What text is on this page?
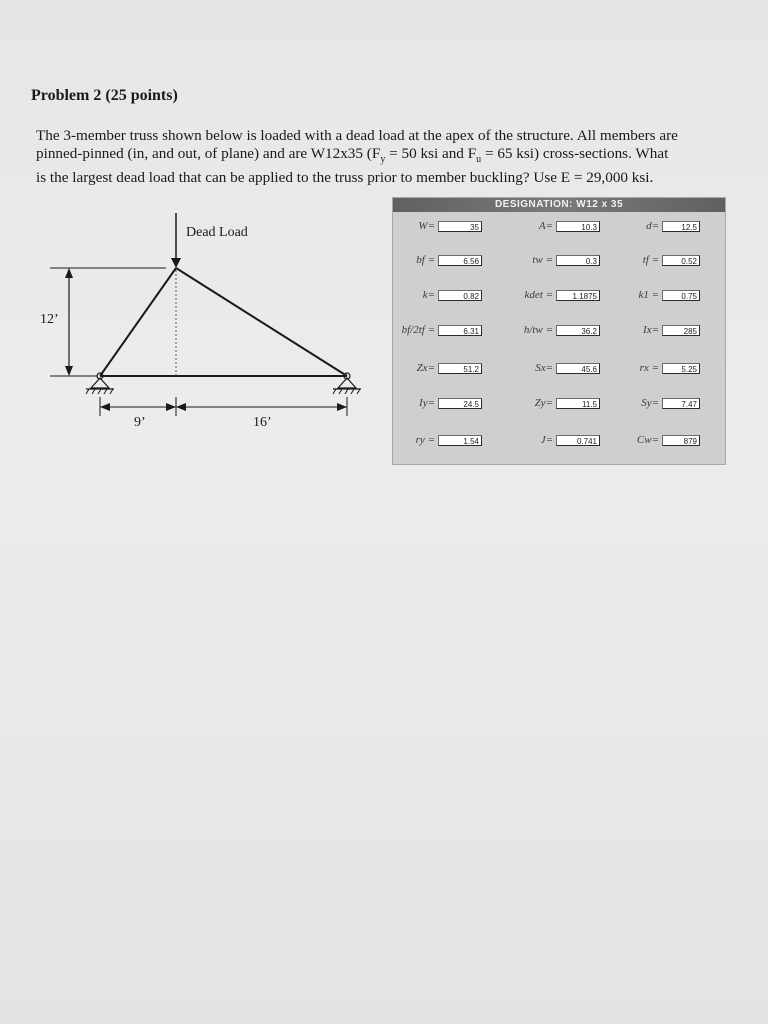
Problem 2 (25 points)

The 3-member truss shown below is loaded with a dead load at the apex of the structure. All members are

pinned-pinned (in, and out, of plane) and are W12x35 ($F_y = 50$ ksi and $F_u = 65$ ksi) cross-sections. What

is the largest dead load that can be applied to the truss prior to member buckling? Use E = 29,000 ksi.

Dead Load
12’
9’	16’
DESIGNATION: W12 x 35
W=	35	A=	10.3	d=	12.5
bf =	6.56	tw =	0.3	tf =	0.52
k=	0.82	kdet =	1.1875	k1 =	0.75
bf/2tf =	6.31	h/tw =	36.2	Ix=	285
Zx=	51.2	Sx=	45.6	rx =	5.25
Iy=	24.5	Zy=	11.5	Sy=	7.47
ry =	1.54	J=	0.741	Cw=	879
